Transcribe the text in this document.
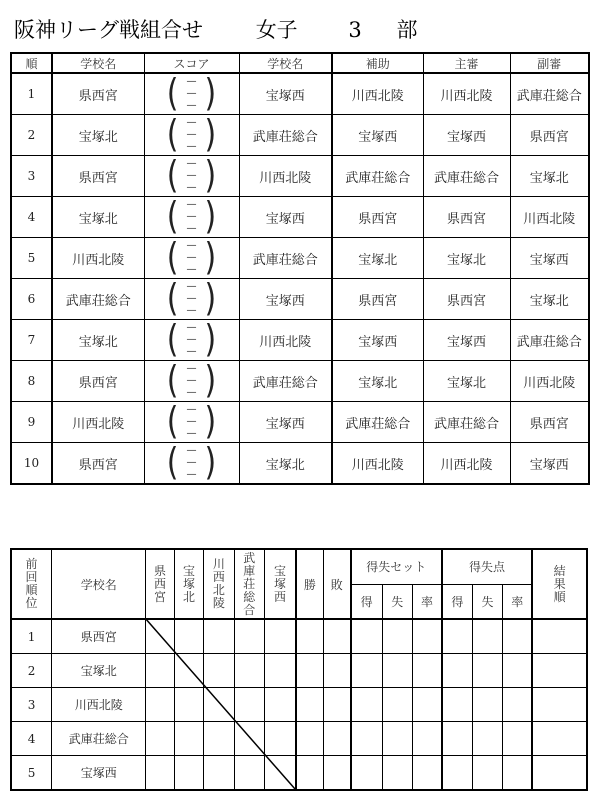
阪神リーグ戦組合せ	女子 3 部
順	学校名	スコア	学校名	補助	主審	副審
1	県西宮	( —
—
— )	宝塚西	川西北陵	川西北陵	武庫荘総合
2	宝塚北	( —
—
— )	武庫荘総合	宝塚西	宝塚西	県西宮
3	県西宮	( —
—
— )	川西北陵	武庫荘総合	武庫荘総合	宝塚北
4	宝塚北	( —
—
— )	宝塚西	県西宮	県西宮	川西北陵
5	川西北陵	( —
—
— )	武庫荘総合	宝塚北	宝塚北	宝塚西
6	武庫荘総合	( —
—
— )	宝塚西	県西宮	県西宮	宝塚北
7	宝塚北	( —
—
— )	川西北陵	宝塚西	宝塚西	武庫荘総合
8	県西宮	( —
—
— )	武庫荘総合	宝塚北	宝塚北	川西北陵
9	川西北陵	( —
—
— )	宝塚西	武庫荘総合	武庫荘総合	県西宮
10	県西宮	( —
—
— )	宝塚北	川西北陵	川西北陵	宝塚西
前回順位	学校名	県西宮	宝塚北	川西北陵	武庫荘総合	宝塚西	勝	敗	得失セット			得失点			結果順
									得	失	率	得	失	率	
1	県西宮														
2	宝塚北														
3	川西北陵														
4	武庫荘総合														
5	宝塚西														
